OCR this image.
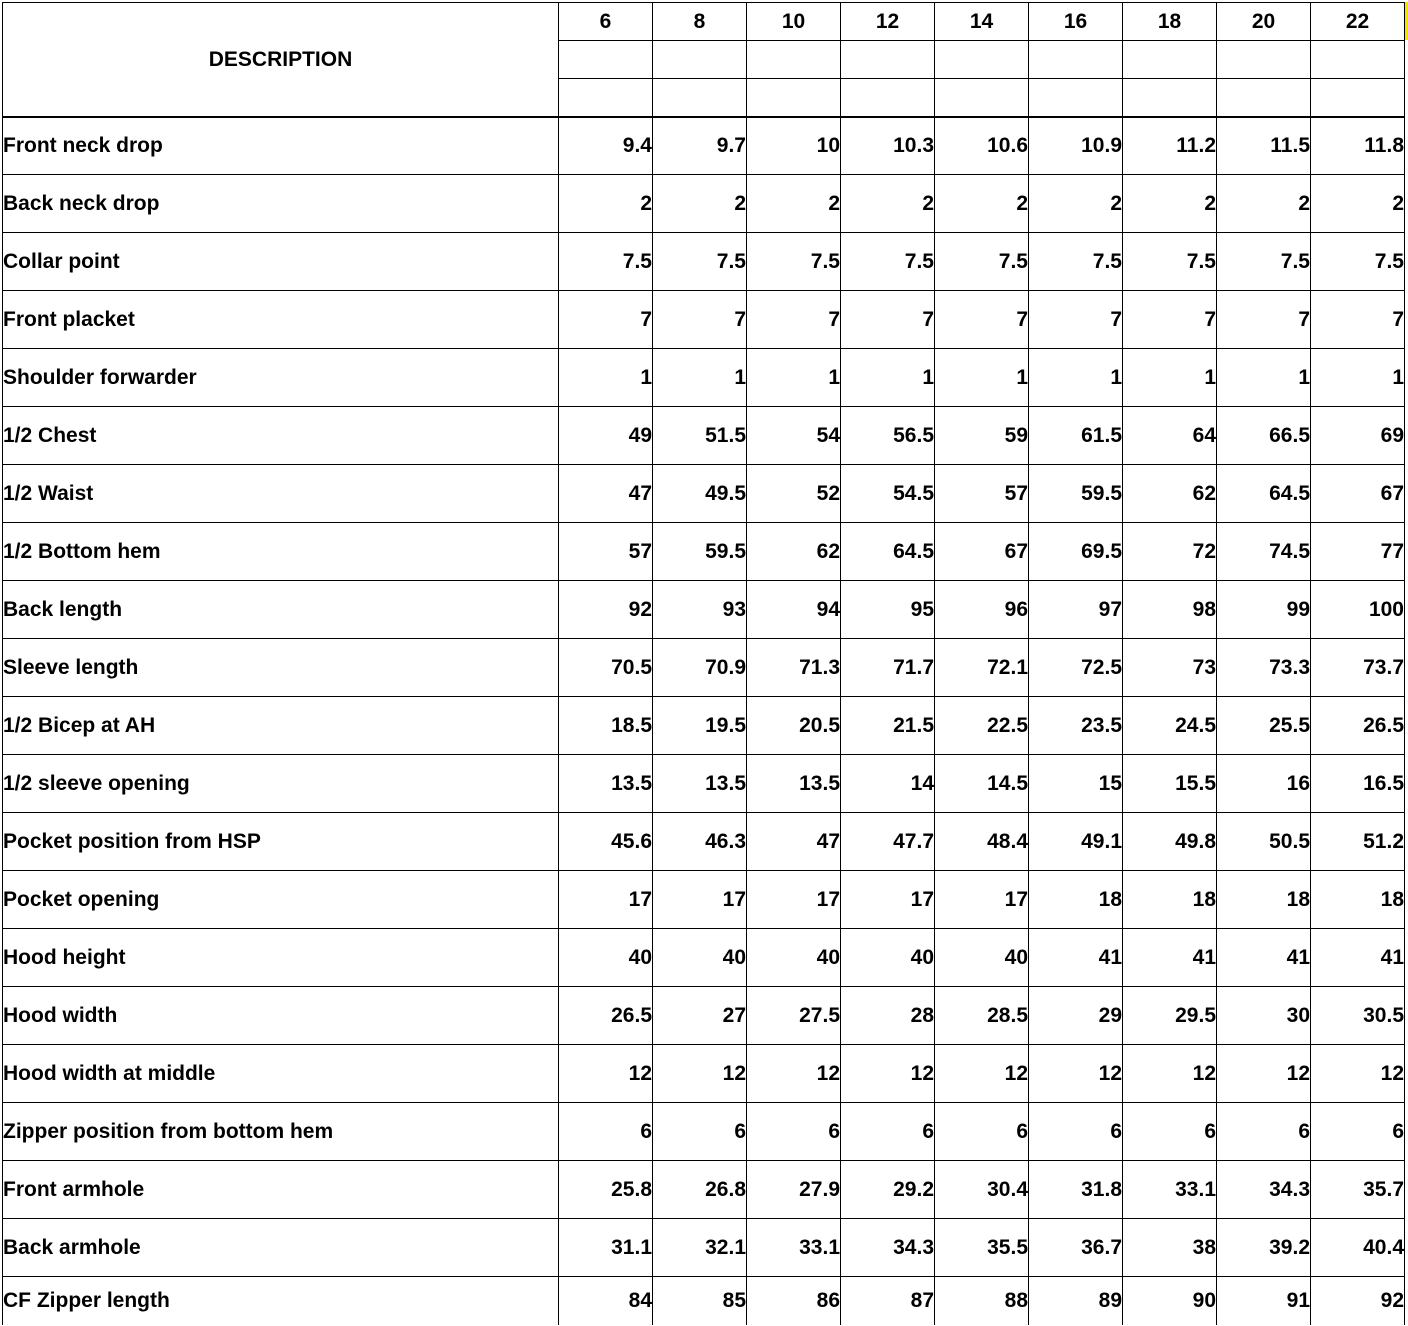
DESCRIPTION	6	8	10	12	14	16	18	20	22

Front neck drop	9.4	9.7	10	10.3	10.6	10.9	11.2	11.5	11.8
Back neck drop	2	2	2	2	2	2	2	2	2
Collar point	7.5	7.5	7.5	7.5	7.5	7.5	7.5	7.5	7.5
Front placket	7	7	7	7	7	7	7	7	7
Shoulder forwarder	1	1	1	1	1	1	1	1	1
1/2 Chest	49	51.5	54	56.5	59	61.5	64	66.5	69
1/2 Waist	47	49.5	52	54.5	57	59.5	62	64.5	67
1/2 Bottom hem	57	59.5	62	64.5	67	69.5	72	74.5	77
Back length	92	93	94	95	96	97	98	99	100
Sleeve length	70.5	70.9	71.3	71.7	72.1	72.5	73	73.3	73.7
1/2 Bicep at AH	18.5	19.5	20.5	21.5	22.5	23.5	24.5	25.5	26.5
1/2 sleeve opening	13.5	13.5	13.5	14	14.5	15	15.5	16	16.5
Pocket position from HSP	45.6	46.3	47	47.7	48.4	49.1	49.8	50.5	51.2
Pocket opening	17	17	17	17	17	18	18	18	18
Hood height	40	40	40	40	40	41	41	41	41
Hood width	26.5	27	27.5	28	28.5	29	29.5	30	30.5
Hood width at middle	12	12	12	12	12	12	12	12	12
Zipper position from bottom hem	6	6	6	6	6	6	6	6	6
Front armhole	25.8	26.8	27.9	29.2	30.4	31.8	33.1	34.3	35.7
Back armhole	31.1	32.1	33.1	34.3	35.5	36.7	38	39.2	40.4
CF Zipper length	84	85	86	87	88	89	90	91	92
